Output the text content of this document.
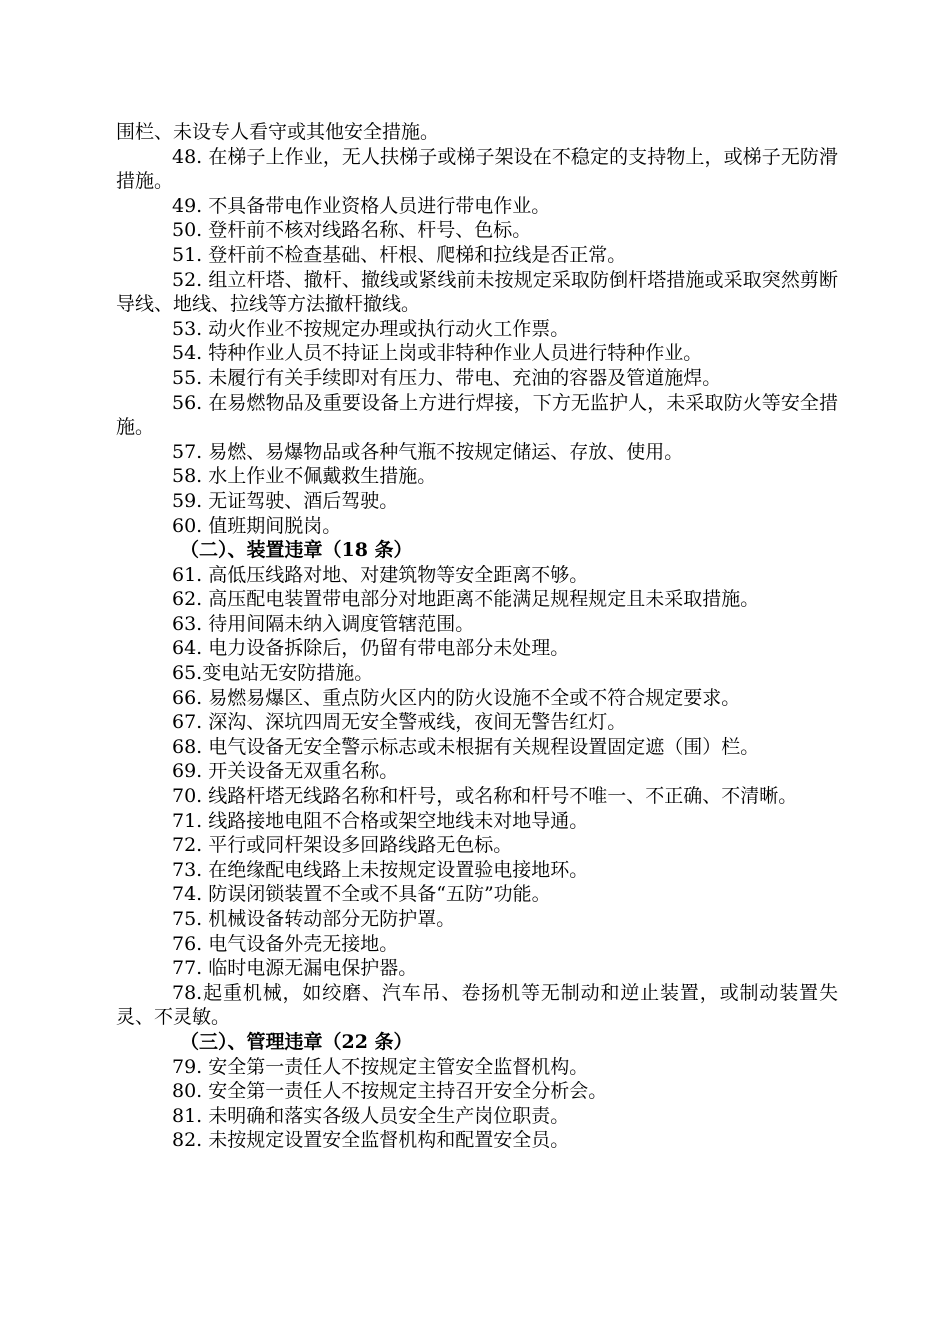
围栏、未设专人看守或其他安全措施。

48. 在梯子上作业，无人扶梯子或梯子架设在不稳定的支持物上，或梯子无防滑措施。

49. 不具备带电作业资格人员进行带电作业。

50. 登杆前不核对线路名称、杆号、色标。

51. 登杆前不检查基础、杆根、爬梯和拉线是否正常。

52. 组立杆塔、撤杆、撤线或紧线前未按规定采取防倒杆塔措施或采取突然剪断导线、地线、拉线等方法撤杆撤线。

53. 动火作业不按规定办理或执行动火工作票。

54. 特种作业人员不持证上岗或非特种作业人员进行特种作业。

55. 未履行有关手续即对有压力、带电、充油的容器及管道施焊。

56. 在易燃物品及重要设备上方进行焊接，下方无监护人，未采取防火等安全措施。

57. 易燃、易爆物品或各种气瓶不按规定储运、存放、使用。

58. 水上作业不佩戴救生措施。

59. 无证驾驶、酒后驾驶。

60. 值班期间脱岗。

（二）、装置违章（18 条）

61. 高低压线路对地、对建筑物等安全距离不够。

62. 高压配电装置带电部分对地距离不能满足规程规定且未采取措施。

63. 待用间隔未纳入调度管辖范围。

64. 电力设备拆除后，仍留有带电部分未处理。

65.变电站无安防措施。

66. 易燃易爆区、重点防火区内的防火设施不全或不符合规定要求。

67. 深沟、深坑四周无安全警戒线，夜间无警告红灯。

68. 电气设备无安全警示标志或未根据有关规程设置固定遮（围）栏。

69. 开关设备无双重名称。

70. 线路杆塔无线路名称和杆号，或名称和杆号不唯一、不正确、不清晰。

71. 线路接地电阻不合格或架空地线未对地导通。

72. 平行或同杆架设多回路线路无色标。

73. 在绝缘配电线路上未按规定设置验电接地环。

74. 防误闭锁装置不全或不具备“五防”功能。

75. 机械设备转动部分无防护罩。

76. 电气设备外壳无接地。

77. 临时电源无漏电保护器。

78.起重机械，如绞磨、汽车吊、卷扬机等无制动和逆止装置，或制动装置失灵、不灵敏。

（三）、管理违章（22 条）

79. 安全第一责任人不按规定主管安全监督机构。

80. 安全第一责任人不按规定主持召开安全分析会。

81. 未明确和落实各级人员安全生产岗位职责。

82. 未按规定设置安全监督机构和配置安全员。
